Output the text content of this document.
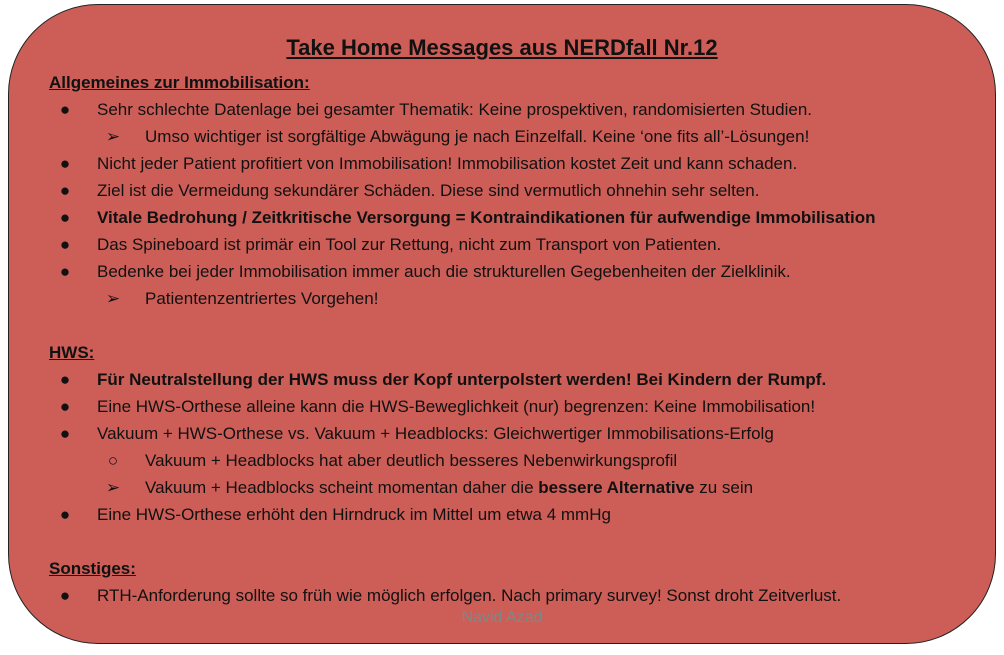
Take Home Messages aus NERDfall Nr.12
Allgemeines zur Immobilisation:
● Sehr schlechte Datenlage bei gesamter Thematik: Keine prospektiven, randomisierten Studien.
➢ Umso wichtiger ist sorgfältige Abwägung je nach Einzelfall. Keine ‘one fits all’-Lösungen!
● Nicht jeder Patient profitiert von Immobilisation! Immobilisation kostet Zeit und kann schaden.
● Ziel ist die Vermeidung sekundärer Schäden. Diese sind vermutlich ohnehin sehr selten.
● Vitale Bedrohung / Zeitkritische Versorgung = Kontraindikationen für aufwendige Immobilisation
● Das Spineboard ist primär ein Tool zur Rettung, nicht zum Transport von Patienten.
● Bedenke bei jeder Immobilisation immer auch die strukturellen Gegebenheiten der Zielklinik.
➢ Patientenzentriertes Vorgehen!
HWS:
● Für Neutralstellung der HWS muss der Kopf unterpolstert werden! Bei Kindern der Rumpf.
● Eine HWS-Orthese alleine kann die HWS-Beweglichkeit (nur) begrenzen: Keine Immobilisation!
● Vakuum + HWS-Orthese vs. Vakuum + Headblocks: Gleichwertiger Immobilisations-Erfolg
○ Vakuum + Headblocks hat aber deutlich besseres Nebenwirkungsprofil
➢ Vakuum + Headblocks scheint momentan daher die bessere Alternative zu sein
● Eine HWS-Orthese erhöht den Hirndruck im Mittel um etwa 4 mmHg
Sonstiges:
● RTH-Anforderung sollte so früh wie möglich erfolgen. Nach primary survey! Sonst droht Zeitverlust.
Navid Azad
